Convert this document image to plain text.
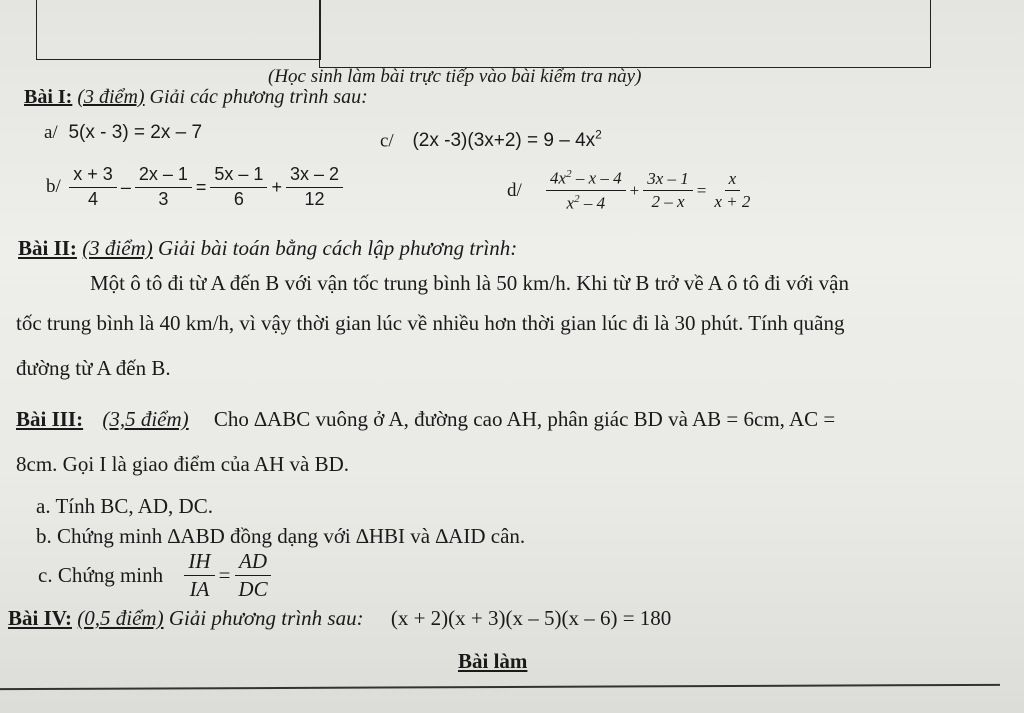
(Học sinh làm bài trực tiếp vào bài kiểm tra này)
Bài I: (3 điểm) Giải các phương trình sau:
a/ 5(x - 3) = 2x – 7	c/ (2x $-3)(3x+2) = 9 - 4x^2$
$b/ \frac{x + 3}{4} - \frac{2x - 1}{3} = \frac{5x - 1}{6} + \frac{3x - 2}{12}$	$d/ \frac{4x^2 - x - 4}{x^2 - 4} + \frac{3x - 1}{2 - x} = \frac{x}{x + 2}$
Bài II: (3 điểm) Giải bài toán bằng cách lập phương trình:
Một ô tô đi từ A đến B với vận tốc trung bình là 50 km/h. Khi từ B trở về A ô tô đi với vận
tốc trung bình là 40 km/h, vì vậy thời gian lúc về nhiều hơn thời gian lúc đi là 30 phút. Tính quãng
đường từ A đến B.
Bài III: (3,5 điểm) Cho ∆ABC vuông ở A, đường cao AH, phân giác BD và AB = 6cm, AC =
8cm. Gọi I là giao điểm của AH và BD.
a. Tính BC, AD, DC.
b. Chứng minh ∆ABD đồng dạng với ∆HBI và ∆AID cân.
c. Chứng minh $\frac{IH}{IA} = \frac{AD}{DC}$
Bài IV: (0,5 điểm) Giải phương trình sau: (x + 2)(x + 3)(x – 5)(x – 6) = 180
Bài làm
